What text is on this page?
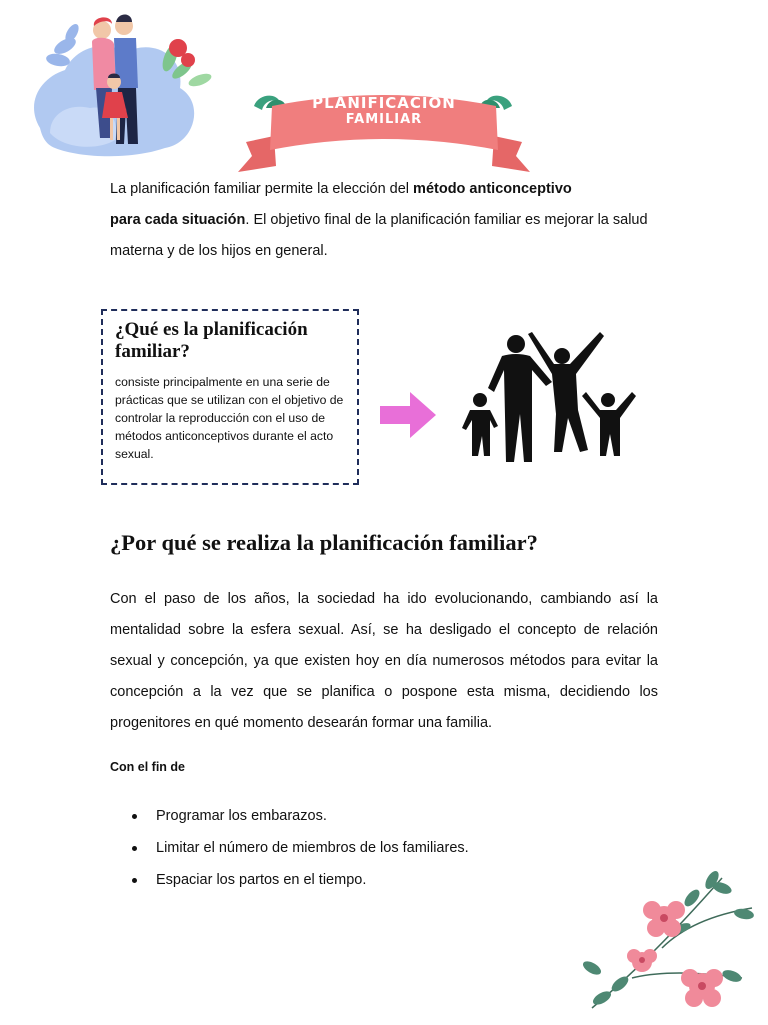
PLANIFICACIÓN
FAMILIAR
La planificación familiar permite la elección del método anticonceptivo
para cada situación. El objetivo final de la planificación familiar es mejorar la salud materna y de los hijos en general.
¿Qué es la planificación familiar?
consiste principalmente en una serie de prácticas que se utilizan con el objetivo de controlar la reproducción con el uso de métodos anticonceptivos durante el acto sexual.
¿Por qué se realiza la planificación familiar?
Con el paso de los años, la sociedad ha ido evolucionando, cambiando así la mentalidad sobre la esfera sexual. Así, se ha desligado el concepto de relación sexual y concepción, ya que existen hoy en día numerosos métodos para evitar la concepción a la vez que se planifica o pospone esta misma, decidiendo los progenitores en qué momento desearán formar una familia.
Con el fin de
Programar los embarazos.
Limitar el número de miembros de los familiares.
Espaciar los partos en el tiempo.
